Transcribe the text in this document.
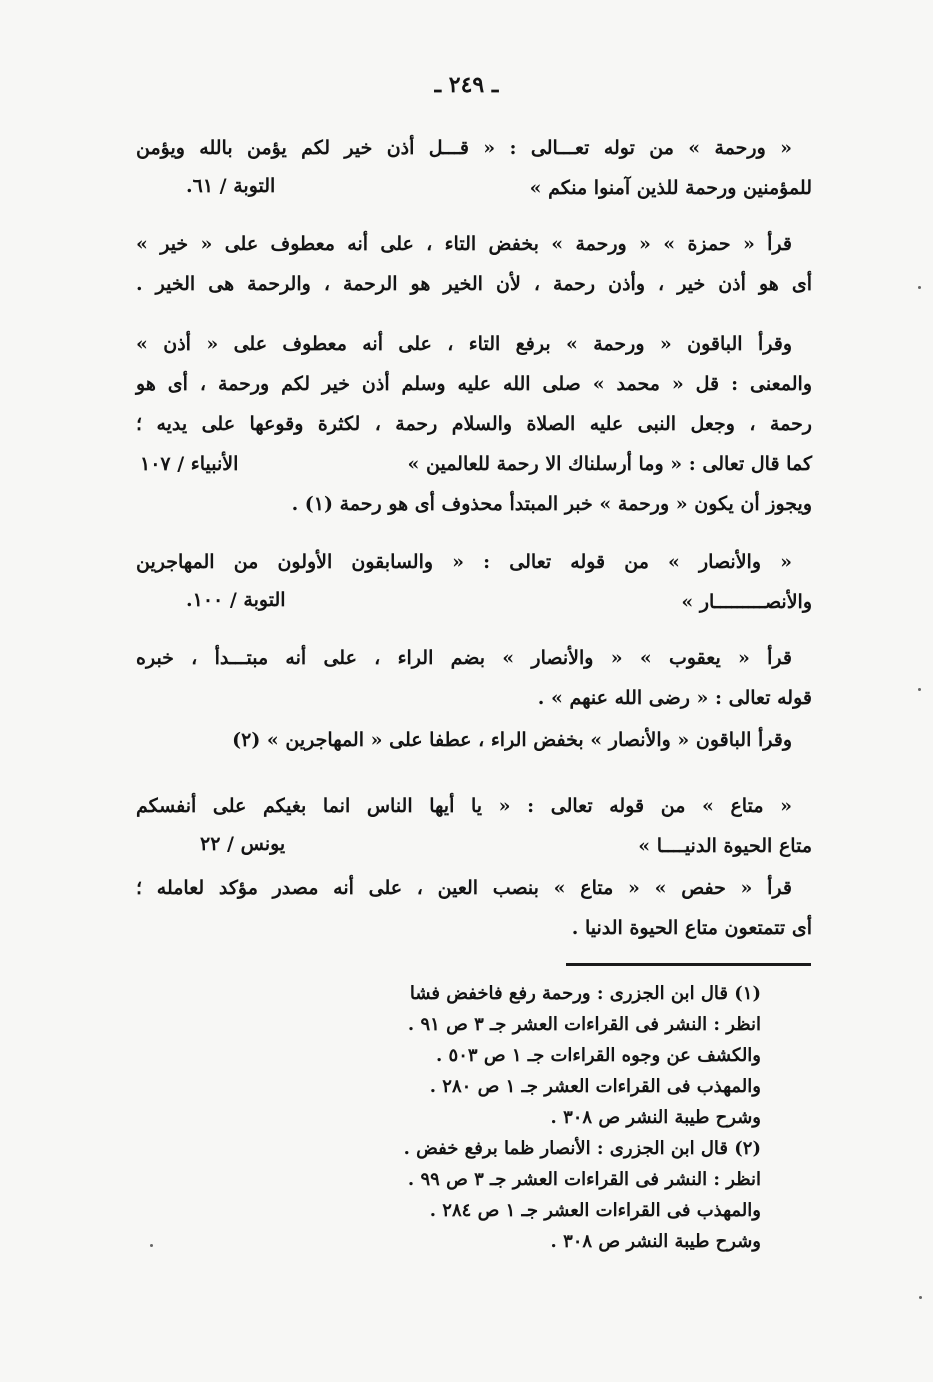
ـ ٢٤٩ ـ
« ورحمة » من توله تعـــالى : « قـــل أذن خير لكم يؤمن بالله ويؤمن
للمؤمنين ورحمة للذين آمنوا منكم »
التوبة / ٦١.
قرأ « حمزة » « ورحمة » بخفض التاء ، على أنه معطوف على « خير »
أى هو أذن خير ، وأذن رحمة ، لأن الخير هو الرحمة ، والرحمة هى الخير .
وقرأ الباقون « ورحمة » برفع التاء ، على أنه معطوف على « أذن »
والمعنى : قل « محمد » صلى الله عليه وسلم أذن خير لكم ورحمة ، أى هو
رحمة ، وجعل النبى عليه الصلاة والسلام رحمة ، لكثرة وقوعها على يديه ؛
كما قال تعالى : « وما أرسلناك الا رحمة للعالمين »
ويجوز أن يكون « ورحمة » خبر المبتدأ محذوف أى هو رحمة (١) .
الأنبياء / ١٠٧
« والأنصار » من قوله تعالى : « والسابقون الأولون من المهاجرين
والأنصـــــــــار »
التوبة / ١٠٠.
قرأ « يعقوب » « والأنصار » بضم الراء ، على أنه مبتـــدأ ، خبره
قوله تعالى : « رضى الله عنهم » .
وقرأ الباقون « والأنصار » بخفض الراء ، عطفا على « المهاجرين » (٢)
« متاع » من قوله تعالى : « يا أيها الناس انما بغيكم على أنفسكم
متاع الحيوة الدنيــــا »
يونس / ٢٢
قرأ « حفص » « متاع » بنصب العين ، على أنه مصدر مؤكد لعامله ؛
أى تتمتعون متاع الحيوة الدنيا .
(١) قال ابن الجزرى : ورحمة رفع فاخفض فشا
انظر : النشر فى القراءات العشر جـ ٣ ص ٩١ .
والكشف عن وجوه القراءات جـ ١ ص ٥٠٣ .
والمهذب فى القراءات العشر جـ ١ ص ٢٨٠ .
وشرح طيبة النشر ص ٣٠٨ .
(٢) قال ابن الجزرى : الأنصار ظما برفع خفض .
انظر : النشر فى القراءات العشر جـ ٣ ص ٩٩ .
والمهذب فى القراءات العشر جـ ١ ص ٢٨٤ .
وشرح طيبة النشر ص ٣٠٨ .
